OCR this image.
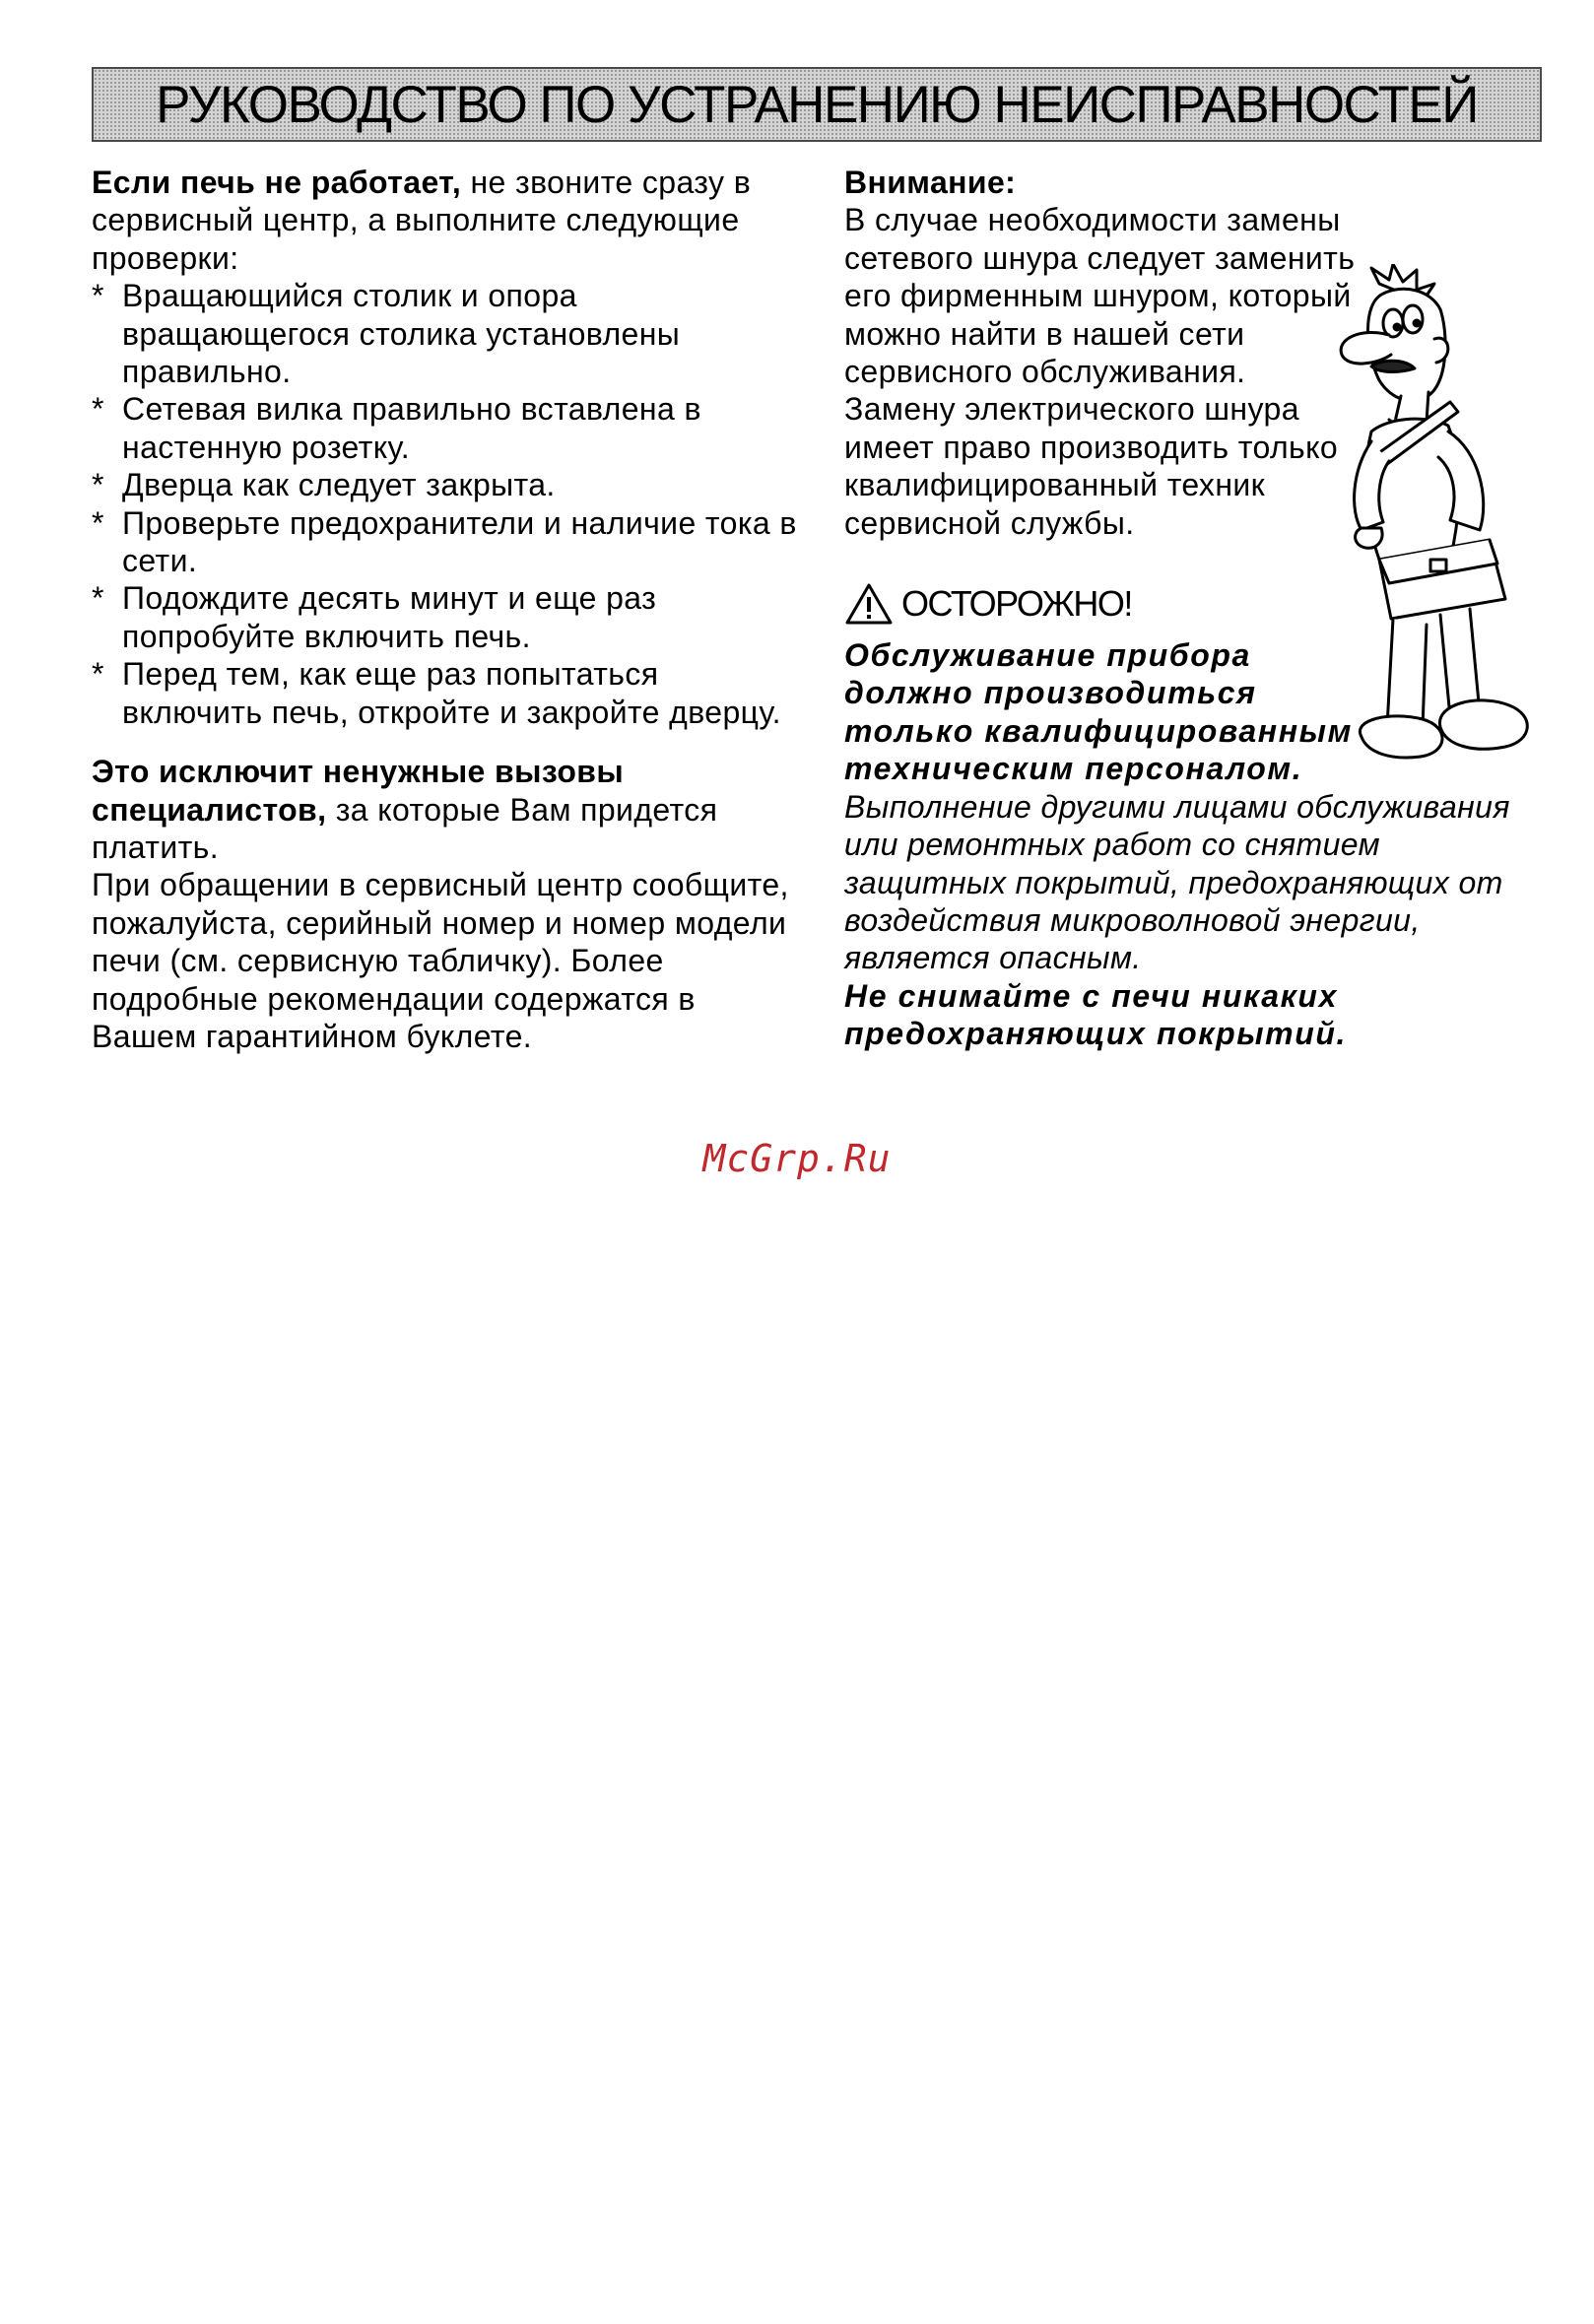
РУКОВОДСТВО ПО УСТРАНЕНИЮ НЕИСПРАВНОСТЕЙ

Если печь не работает, не звоните сразу в сервисный центр, а выполните следующие проверки:

* Вращающийся столик и опора вращающегося столика установлены правильно.
* Сетевая вилка правильно вставлена в настенную розетку.
* Дверца как следует закрыта.
* Проверьте предохранители и наличие тока в сети.
* Подождите десять минут и еще раз попробуйте включить печь.
* Перед тем, как еще раз попытаться включить печь, откройте и закройте дверцу.

Это исключит ненужные вызовы специалистов, за которые Вам придется платить.

При обращении в сервисный центр сообщите, пожалуйста, серийный номер и номер модели печи (см. сервисную табличку). Более подробные рекомендации содержатся в Вашем гарантийном буклете.

Внимание:

В случае необходимости замены сетевого шнура следует заменить его фирменным шнуром, который можно найти в нашей сети сервисного обслуживания. Замену электрического шнура имеет право производить только квалифицированный техник сервисной службы.

ОСТОРОЖНО!

Обслуживание прибора должно производиться только квалифицированным техническим персоналом.

Выполнение другими лицами обслуживания или ремонтных работ со снятием защитных покрытий, предохраняющих от воздействия микроволновой энергии, является опасным.

Не снимайте с печи никаких предохраняющих покрытий.

McGrp.Ru
